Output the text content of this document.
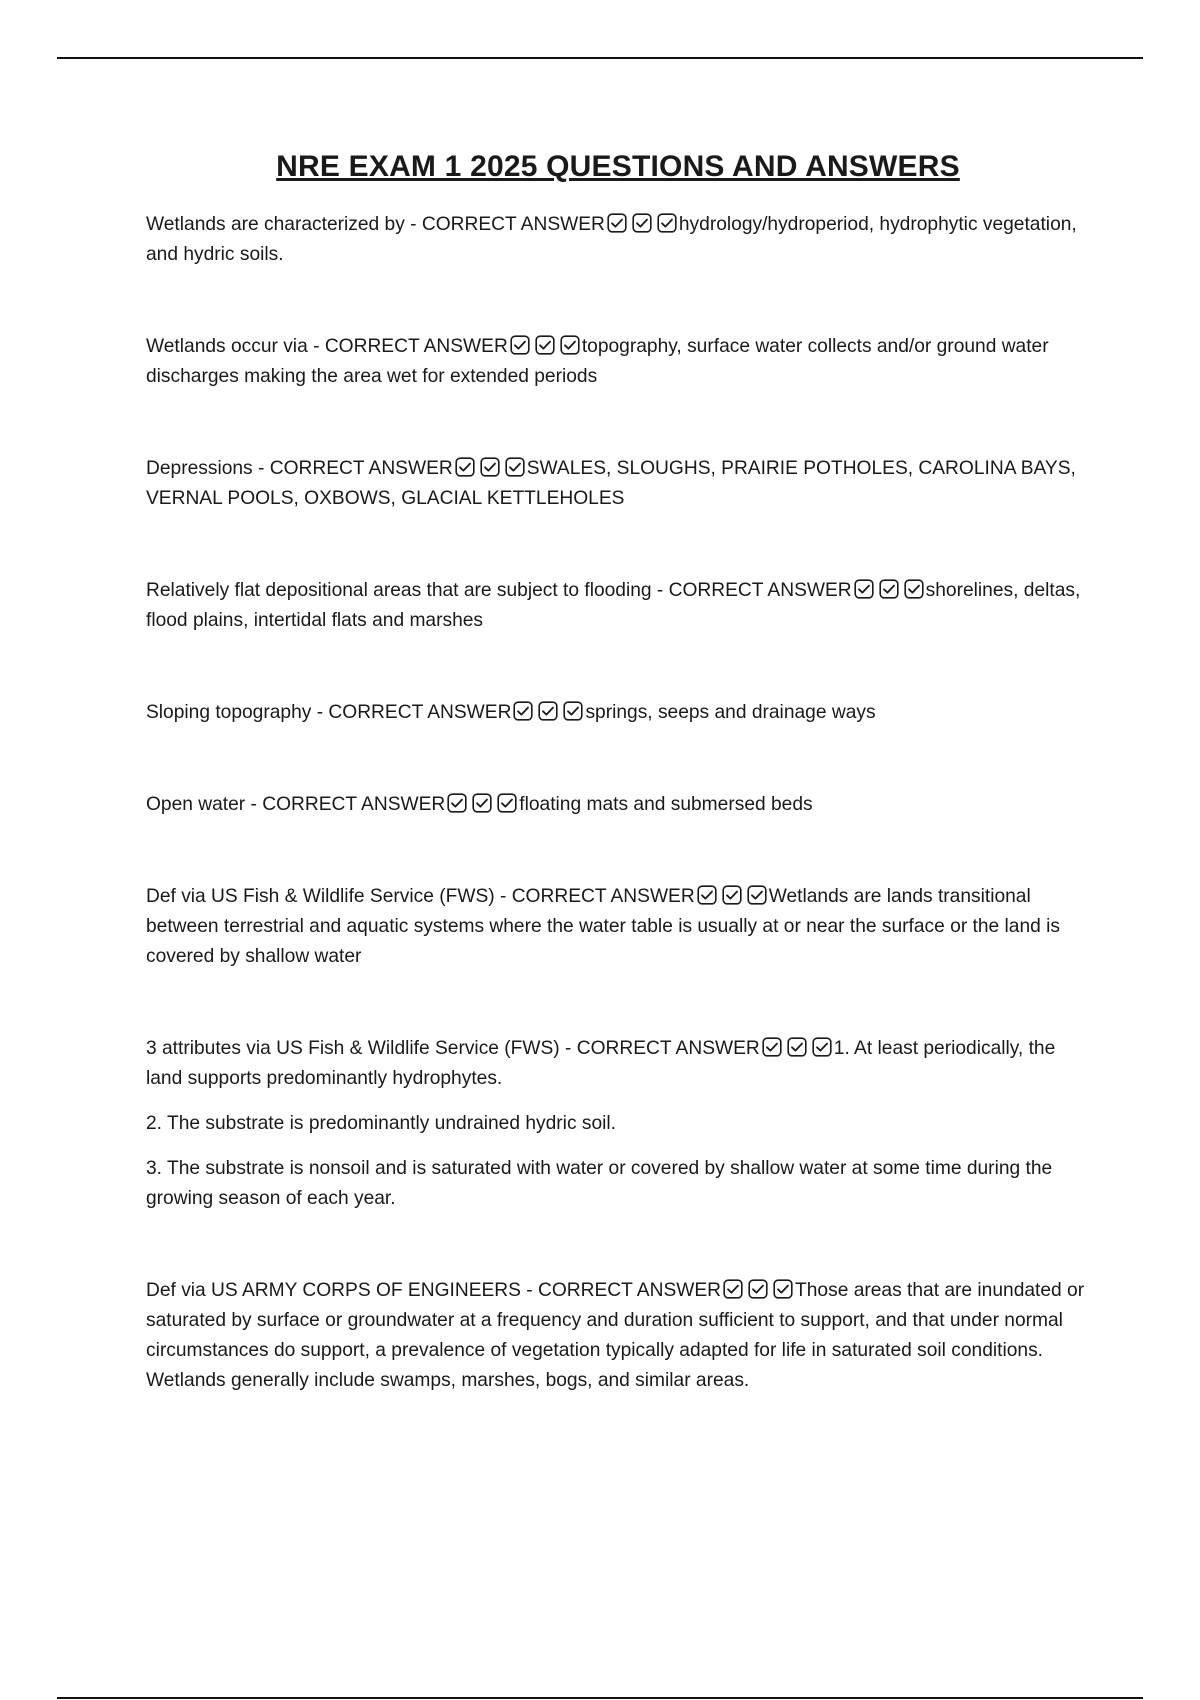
NRE EXAM 1 2025 QUESTIONS AND ANSWERS

Wetlands are characterized by - CORRECT ANSWER	hydrology/hydroperiod, hydrophytic vegetation, and hydric soils.

Wetlands occur via - CORRECT ANSWER	topography, surface water collects and/or ground water discharges making the area wet for extended periods

Depressions - CORRECT ANSWER	SWALES, SLOUGHS, PRAIRIE POTHOLES, CAROLINA BAYS, VERNAL POOLS, OXBOWS, GLACIAL KETTLEHOLES

Relatively flat depositional areas that are subject to flooding - CORRECT ANSWER	shorelines, deltas, flood plains, intertidal flats and marshes

Sloping topography - CORRECT ANSWER	springs, seeps and drainage ways

Open water - CORRECT ANSWER	floating mats and submersed beds

Def via US Fish & Wildlife Service (FWS) - CORRECT ANSWER	Wetlands are lands transitional between terrestrial and aquatic systems where the water table is usually at or near the surface or the land is covered by shallow water

3 attributes via US Fish & Wildlife Service (FWS) - CORRECT ANSWER	1. At least periodically, the land supports predominantly hydrophytes.

2. The substrate is predominantly undrained hydric soil.

3. The substrate is nonsoil and is saturated with water or covered by shallow water at some time during the growing season of each year.

Def via US ARMY CORPS OF ENGINEERS - CORRECT ANSWER	Those areas that are inundated or saturated by surface or groundwater at a frequency and duration sufficient to support, and that under normal circumstances do support, a prevalence of vegetation typically adapted for life in saturated soil conditions. Wetlands generally include swamps, marshes, bogs, and similar areas.
